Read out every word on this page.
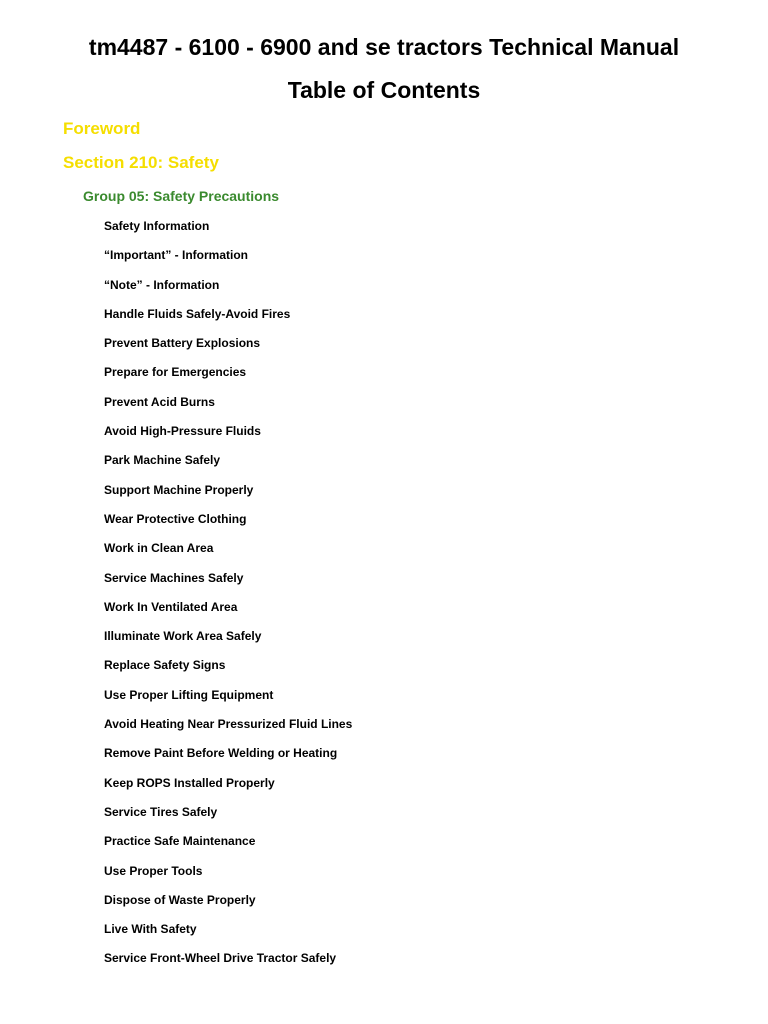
tm4487 - 6100 - 6900 and se tractors Technical Manual
Table of Contents
Foreword
Section 210: Safety
Group 05: Safety Precautions
Safety Information
“Important” - Information
“Note” - Information
Handle Fluids Safely-Avoid Fires
Prevent Battery Explosions
Prepare for Emergencies
Prevent Acid Burns
Avoid High-Pressure Fluids
Park Machine Safely
Support Machine Properly
Wear Protective Clothing
Work in Clean Area
Service Machines Safely
Work In Ventilated Area
Illuminate Work Area Safely
Replace Safety Signs
Use Proper Lifting Equipment
Avoid Heating Near Pressurized Fluid Lines
Remove Paint Before Welding or Heating
Keep ROPS Installed Properly
Service Tires Safely
Practice Safe Maintenance
Use Proper Tools
Dispose of Waste Properly
Live With Safety
Service Front-Wheel Drive Tractor Safely
